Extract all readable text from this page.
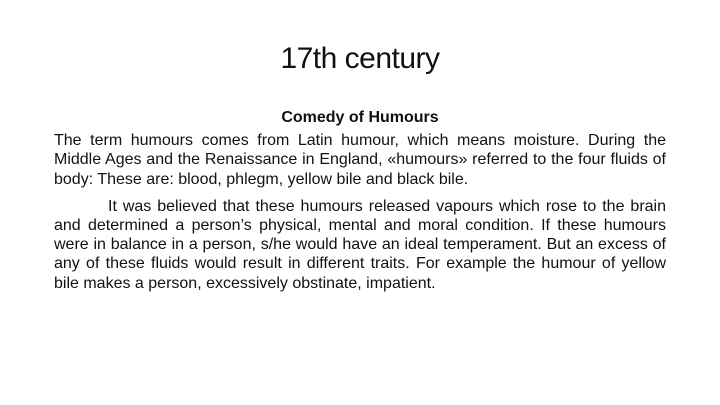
17th century

Comedy of Humours

The term humours comes from Latin humour, which means moisture. During the Middle Ages and the Renaissance in England, «humours» referred to the four fluids of body: These are: blood, phlegm, yellow bile and black bile.

It was believed that these humours released vapours which rose to the brain and determined a person’s physical, mental and moral condition. If these humours were in balance in a person, s/he would have an ideal temperament. But an excess of any of these fluids would result in different traits. For example the humour of yellow bile makes a person, excessively obstinate, impatient.
